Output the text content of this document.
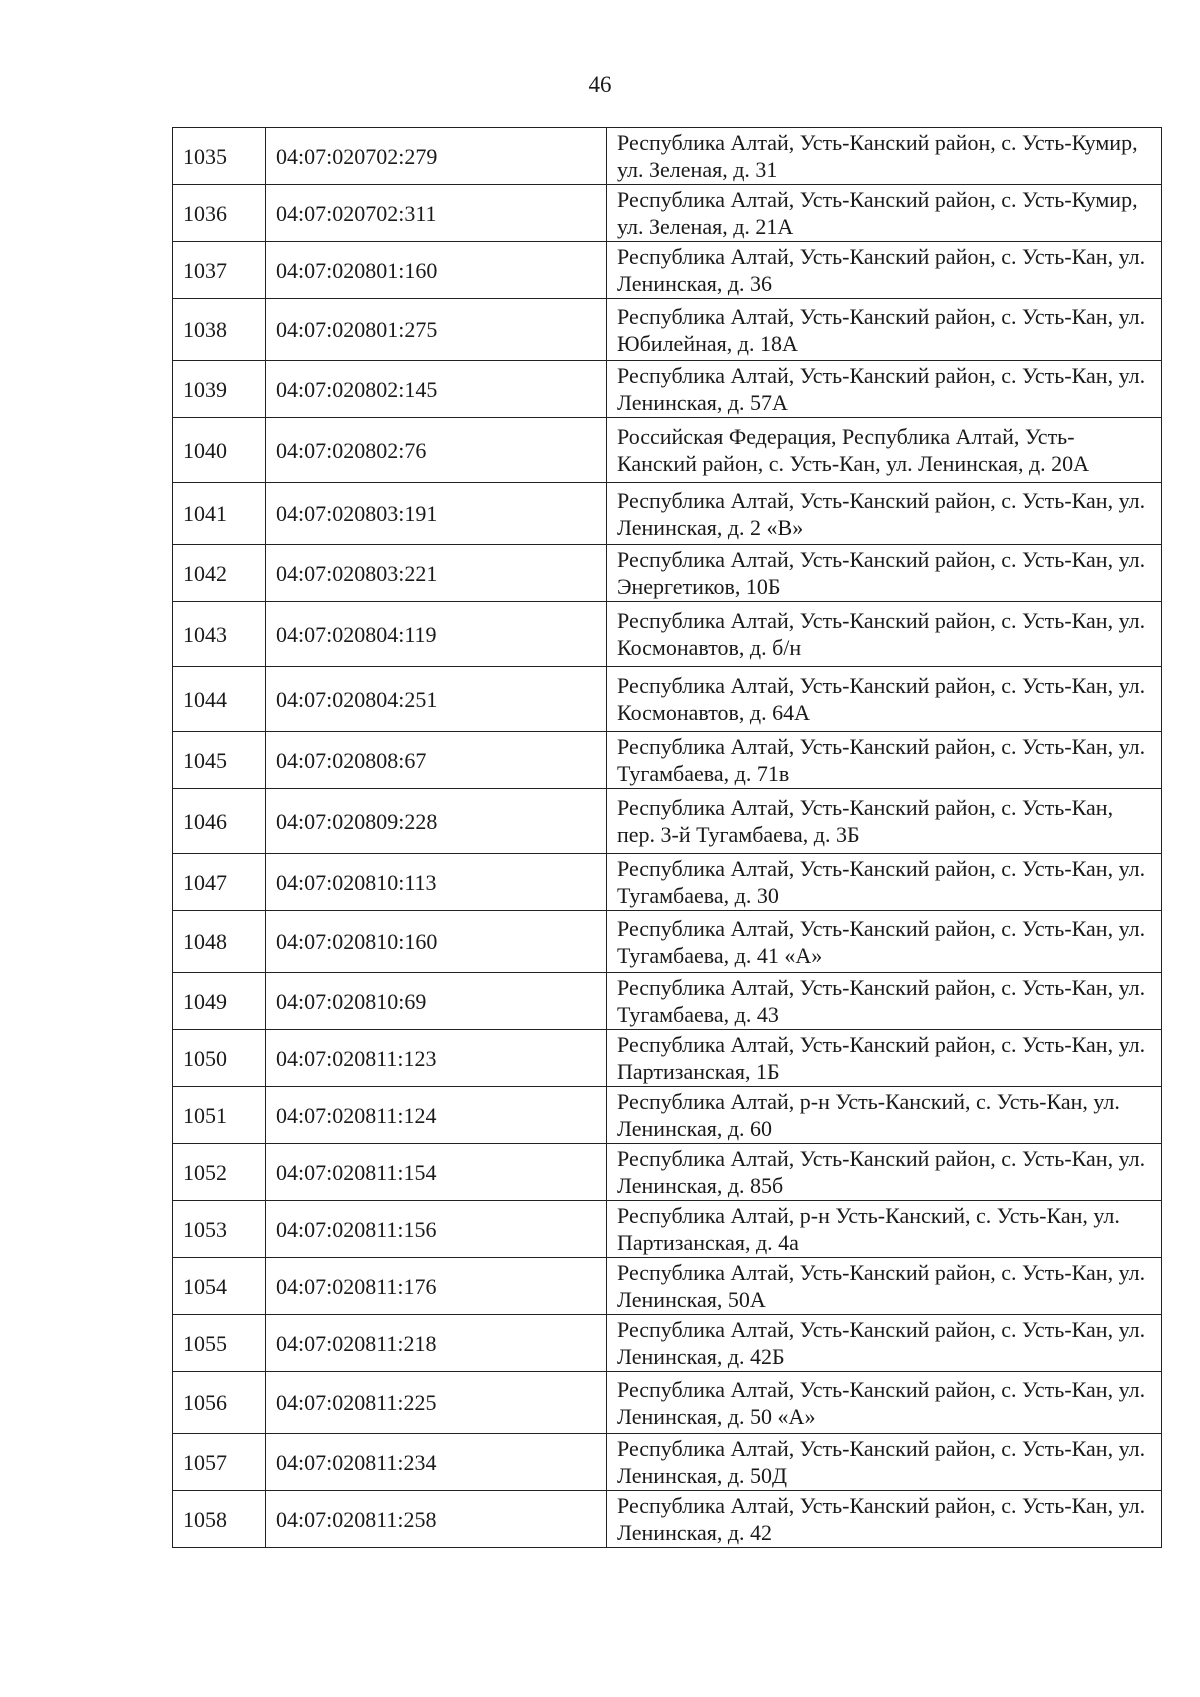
46
1035	04:07:020702:279	Республика Алтай, Усть-Канский район, с. Усть-Кумир, ул. Зеленая, д. 31
1036	04:07:020702:311	Республика Алтай, Усть-Канский район, с. Усть-Кумир, ул. Зеленая, д. 21А
1037	04:07:020801:160	Республика Алтай, Усть-Канский район, с. Усть-Кан, ул. Ленинская, д. 36
1038	04:07:020801:275	Республика Алтай, Усть-Канский район, с. Усть-Кан, ул. Юбилейная, д. 18А
1039	04:07:020802:145	Республика Алтай, Усть-Канский район, с. Усть-Кан, ул. Ленинская, д. 57А
1040	04:07:020802:76	Российская Федерация, Республика Алтай, Усть-Канский район, с. Усть-Кан, ул. Ленинская, д. 20А
1041	04:07:020803:191	Республика Алтай, Усть-Канский район, с. Усть-Кан, ул. Ленинская, д. 2 «В»
1042	04:07:020803:221	Республика Алтай, Усть-Канский район, с. Усть-Кан, ул. Энергетиков, 10Б
1043	04:07:020804:119	Республика Алтай, Усть-Канский район, с. Усть-Кан, ул. Космонавтов, д. б/н
1044	04:07:020804:251	Республика Алтай, Усть-Канский район, с. Усть-Кан, ул. Космонавтов, д. 64А
1045	04:07:020808:67	Республика Алтай, Усть-Канский район, с. Усть-Кан, ул. Тугамбаева, д. 71в
1046	04:07:020809:228	Республика Алтай, Усть-Канский район, с. Усть-Кан, пер. 3-й Тугамбаева, д. 3Б
1047	04:07:020810:113	Республика Алтай, Усть-Канский район, с. Усть-Кан, ул. Тугамбаева, д. 30
1048	04:07:020810:160	Республика Алтай, Усть-Канский район, с. Усть-Кан, ул. Тугамбаева, д. 41 «А»
1049	04:07:020810:69	Республика Алтай, Усть-Канский район, с. Усть-Кан, ул. Тугамбаева, д. 43
1050	04:07:020811:123	Республика Алтай, Усть-Канский район, с. Усть-Кан, ул. Партизанская, 1Б
1051	04:07:020811:124	Республика Алтай, р-н Усть-Канский, с. Усть-Кан, ул. Ленинская, д. 60
1052	04:07:020811:154	Республика Алтай, Усть-Канский район, с. Усть-Кан, ул. Ленинская, д. 85б
1053	04:07:020811:156	Республика Алтай, р-н Усть-Канский, с. Усть-Кан, ул. Партизанская, д. 4а
1054	04:07:020811:176	Республика Алтай, Усть-Канский район, с. Усть-Кан, ул. Ленинская, 50А
1055	04:07:020811:218	Республика Алтай, Усть-Канский район, с. Усть-Кан, ул. Ленинская, д. 42Б
1056	04:07:020811:225	Республика Алтай, Усть-Канский район, с. Усть-Кан, ул. Ленинская, д. 50 «А»
1057	04:07:020811:234	Республика Алтай, Усть-Канский район, с. Усть-Кан, ул. Ленинская, д. 50Д
1058	04:07:020811:258	Республика Алтай, Усть-Канский район, с. Усть-Кан, ул. Ленинская, д. 42
